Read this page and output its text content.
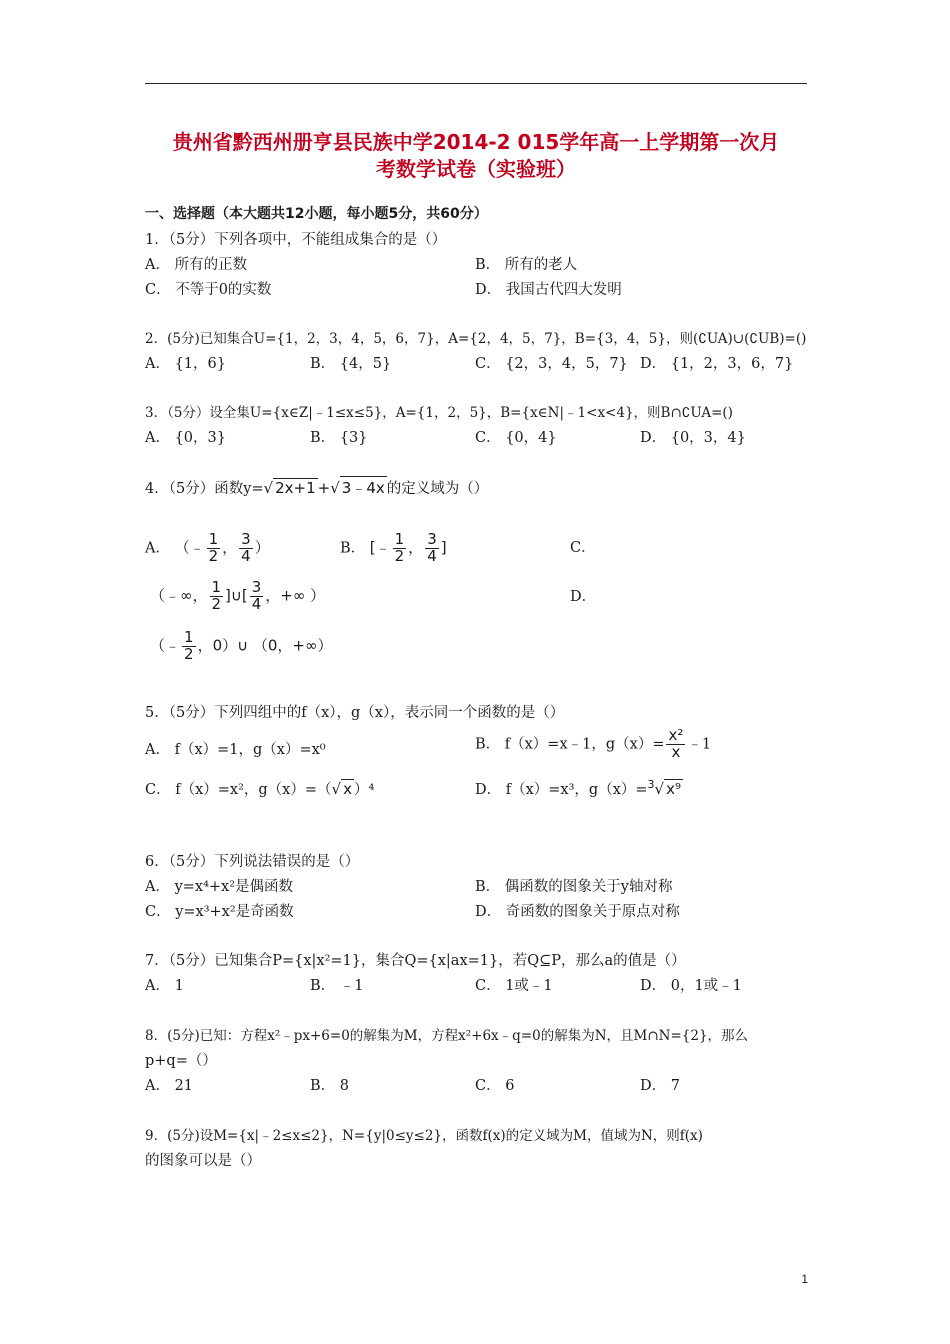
贵州省黔西州册亨县民族中学2014-2 015学年高一上学期第一次月
考数学试卷（实验班）
一、选择题（本大题共12小题，每小题5分，共60分）
1．（5分）下列各项中，不能组成集合的是（）
A． 所有的正数	B． 所有的老人
C． 不等于0的实数	D． 我国古代四大发明
2．(5分)已知集合U={1，2，3，4，5，6，7}，A={2，4，5，7}，B={3，4，5}，则(∁UA)∪(∁UB)=()
A． {1，6}	B． {4，5}	C． {2，3，4，5，7} D． {1，2，3，6，7}
3．（5分）设全集U={x∈Z|﹣1≤x≤5}，A={1，2，5}，B={x∈N|﹣1<x<4}，则B∩∁UA=()
A． {0，3}	B． {3}	C． {0，4}	D． {0，3，4}
4．（5分）函数y=√ 2x+1 +√ 3﹣4x 的定义域为（）
A． （﹣ $\frac{1}{2}$ ， $\frac{3}{4}$ ）	B． [﹣ $\frac{1}{2}$ ， $\frac{3}{4}$ ]	C．
（﹣∞， $\frac{1}{2}$ ]∪[ $\frac{3}{4}$ ，+∞ ）	D．
（﹣ $\frac{1}{2}$ ，0）∪ （0，+∞）
5．（5分）下列四组中的f（x），g（x），表示同一个函数的是（）
A． f（x）=1，g（x）=x⁰	B． f（x）=x﹣1，$g(x)= \frac{\text{x²}}{x}$ ﹣1
C． f（x）=x²，g（x）=（√ x ）⁴	D． f（x）=x³，g（x）=$^3$√ x⁹
6．（5分）下列说法错误的是（）
A． y=x⁴+x²是偶函数	B． 偶函数的图象关于y轴对称
C． y=x³+x²是奇函数	D． 奇函数的图象关于原点对称
7．（5分）已知集合P={x|x²=1}，集合Q={x|ax=1}，若Q⊆P，那么a的值是（）
A． 1	B． ﹣1	C． 1或﹣1	D． 0，1或﹣1
8．(5分)已知：方程x²﹣px+6=0的解集为M，方程x²+6x﹣q=0的解集为N，且M∩N={2}，那么
p+q=（）
A． 21	B． 8	C． 6	D． 7
9．(5分)设M={x|﹣2≤x≤2}，N={y|0≤y≤2}，函数f(x)的定义域为M，值域为N，则f(x)
的图象可以是（）
1
